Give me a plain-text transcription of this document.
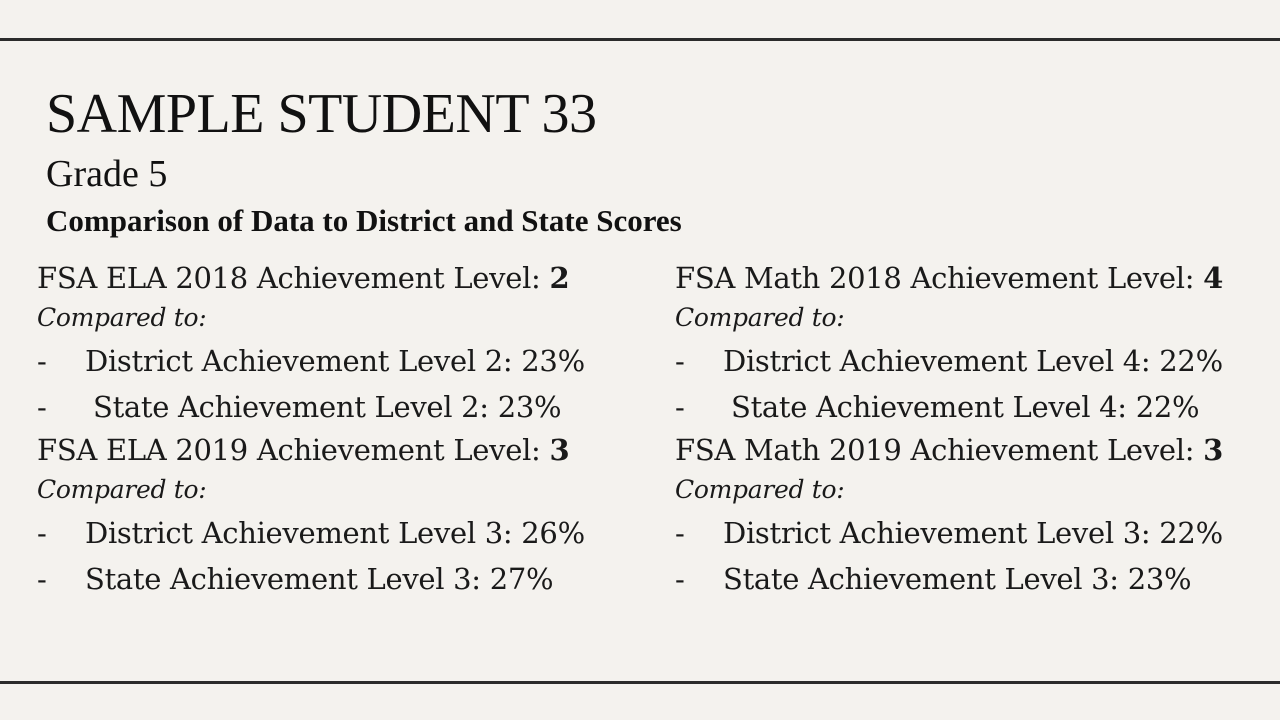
SAMPLE STUDENT 33
Grade 5
Comparison of Data to District and State Scores
FSA ELA 2018 Achievement Level: 2
Compared to:
- District Achievement Level 2: 23%
- State Achievement Level 2: 23%
FSA ELA 2019 Achievement Level: 3
Compared to:
- District Achievement Level 3: 26%
- State Achievement Level 3: 27%
FSA Math 2018 Achievement Level: 4
Compared to:
- District Achievement Level 4: 22%
- State Achievement Level 4: 22%
FSA Math 2019 Achievement Level: 3
Compared to:
- District Achievement Level 3: 22%
- State Achievement Level 3: 23%
